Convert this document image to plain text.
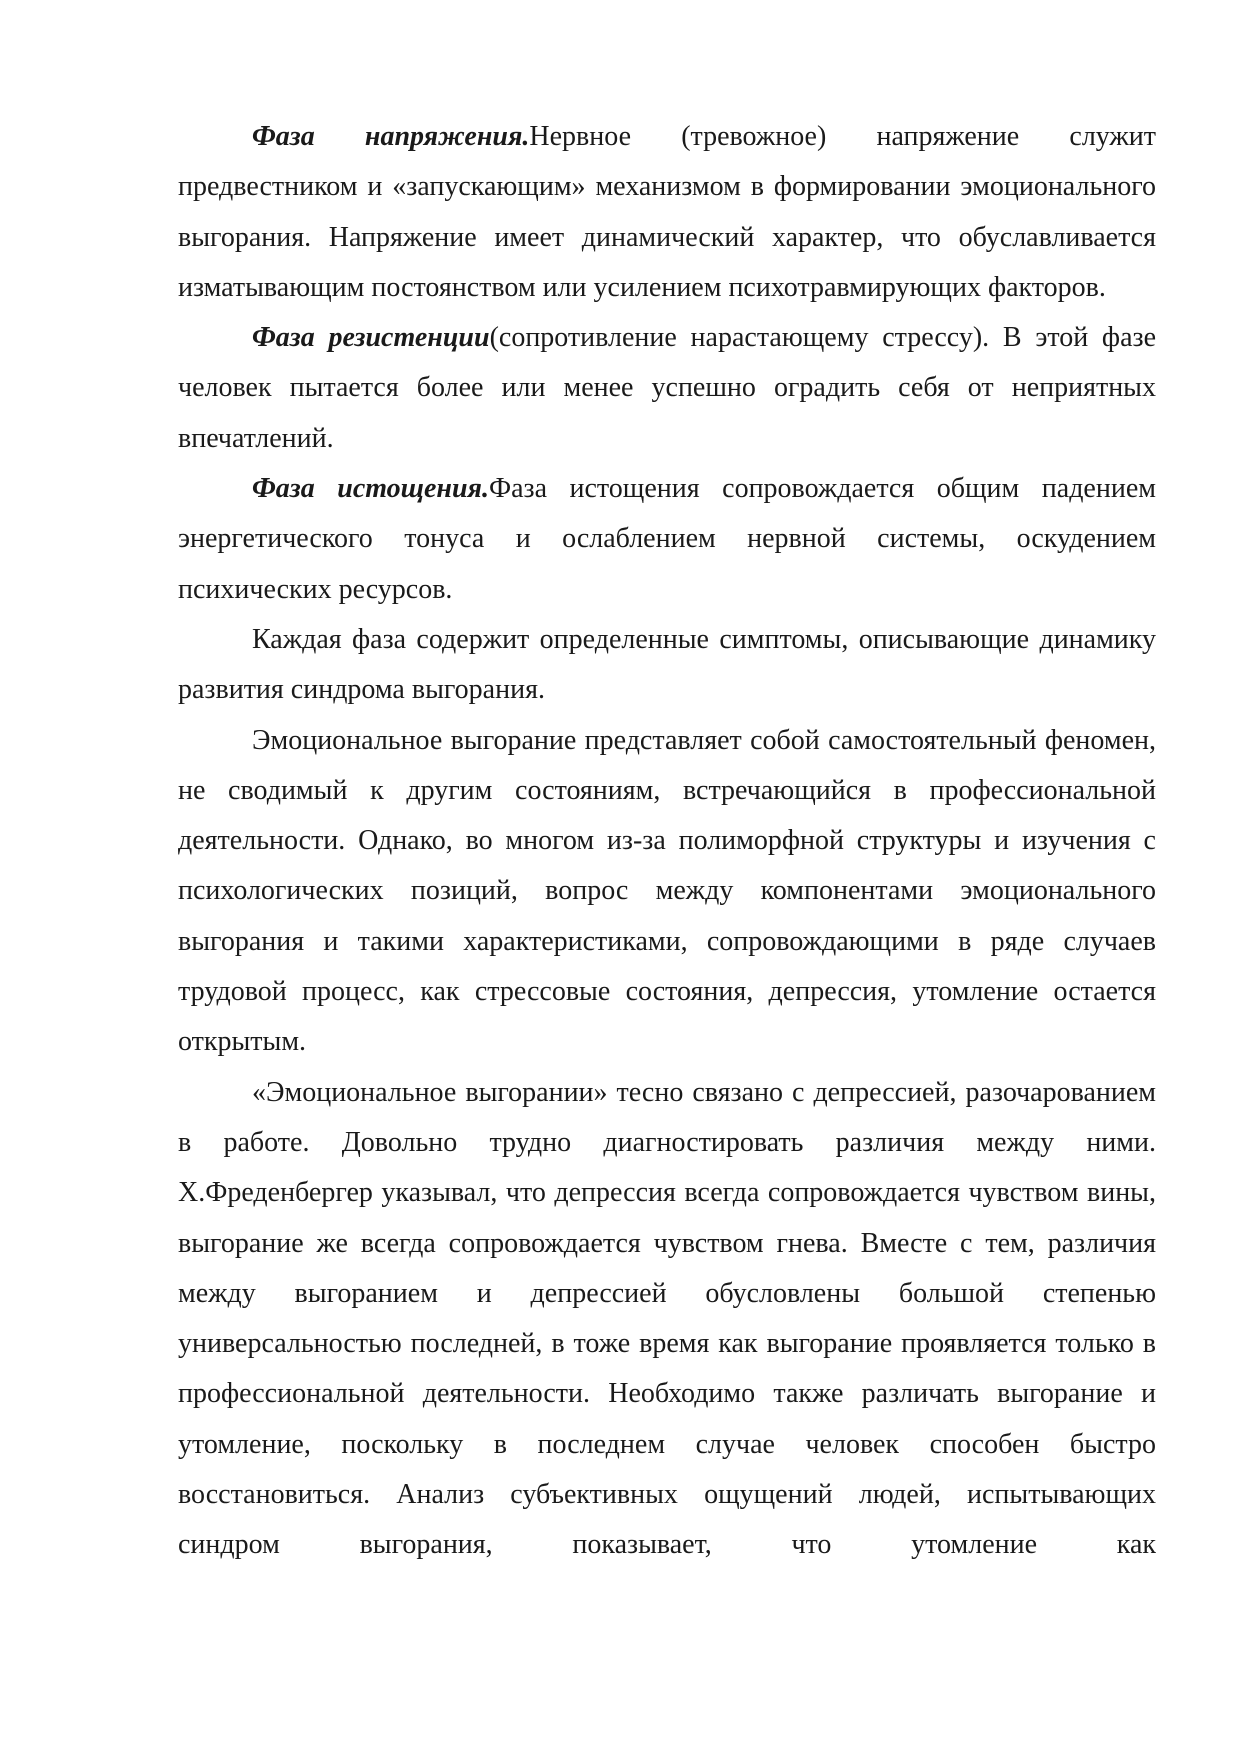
Фаза напряжения.Нервное (тревожное) напряжение служит предвестником и «запускающим» механизмом в формировании эмоционального выгорания. Напряжение имеет динамический характер, что обуславливается изматывающим постоянством или усилением психотравмирующих факторов.

Фаза резистенции(сопротивление нарастающему стрессу). В этой фазе человек пытается более или менее успешно оградить себя от неприятных впечатлений.

Фаза истощения.Фаза истощения сопровождается общим падением энергетического тонуса и ослаблением нервной системы, оскудением психических ресурсов.

Каждая фаза содержит определенные симптомы, описывающие динамику развития синдрома выгорания.

Эмоциональное выгорание представляет собой самостоятельный феномен, не сводимый к другим состояниям, встречающийся в профессиональной деятельности. Однако, во многом из-за полиморфной структуры и изучения с психологических позиций, вопрос между компонентами эмоционального выгорания и такими характеристиками, сопровождающими в ряде случаев трудовой процесс, как стрессовые состояния, депрессия, утомление остается открытым.

«Эмоциональное выгорании» тесно связано с депрессией, разочарованием в работе. Довольно трудно диагностировать различия между ними. Х.Фреденбергер указывал, что депрессия всегда сопровождается чувством вины, выгорание же всегда сопровождается чувством гнева. Вместе с тем, различия между выгоранием и депрессией обусловлены большой степенью универсальностью последней, в тоже время как выгорание проявляется только в профессиональной деятельности. Необходимо также различать выгорание и утомление, поскольку в последнем случае человек способен быстро восстановиться. Анализ субъективных ощущений людей, испытывающих синдром выгорания, показывает, что утомление как
